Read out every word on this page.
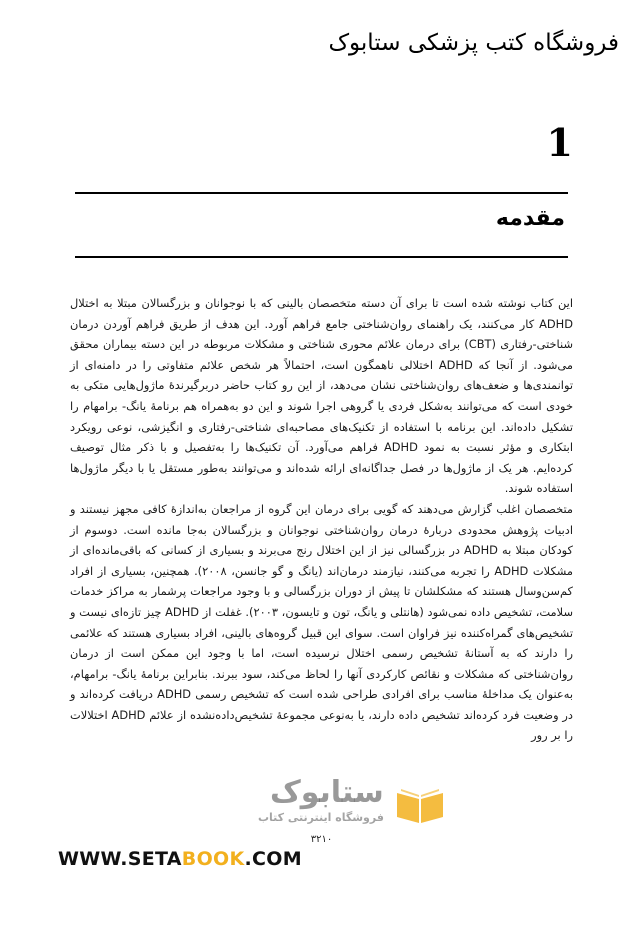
فروشگاه کتب پزشکی ستابوک
1
مقدمه

این کتاب نوشته شده است تا برای آن دسته متخصصان بالینی که با نوجوانان و بزرگسالان مبتلا به اختلال ADHD کار می‌کنند، یک راهنمای روان‌شناختی جامع فراهم آورد. این هدف از طریق فراهم آوردن درمان شناختی-رفتاری (CBT) برای درمان علائم محوری شناختی و مشکلات مربوطه در این دسته بیماران محقق می‌شود. از آنجا که ADHD اختلالی ناهمگون است، احتمالاً هر شخص علائم متفاوتی را در دامنه‌ای از توانمندی‌ها و ضعف‌های روان‌شناختی نشان می‌دهد، از این رو کتاب حاضر دربرگیرندهٔ ماژول‌هایی متکی به خودی است که می‌توانند به‌شکل فردی یا گروهی اجرا شوند و این دو به‌همراه هم برنامهٔ یانگ- برامهام را تشکیل داده‌اند. این برنامه با استفاده از تکنیک‌های مصاحبه‌ای شناختی-رفتاری و انگیزشی، نوعی رویکرد ابتکاری و مؤثر نسبت به نمود ADHD فراهم می‌آورد. آن تکنیک‌ها را به‌تفصیل و با ذکر مثال توصیف کرده‌ایم. هر یک از ماژول‌ها در فصل جداگانه‌ای ارائه شده‌اند و می‌توانند به‌طور مستقل یا با دیگر ماژول‌ها استفاده شوند.

متخصصان اغلب گزارش می‌دهند که گویی برای درمان این گروه از مراجعان به‌اندازهٔ کافی مجهز نیستند و ادبیات پژوهش محدودی دربارهٔ درمان روان‌شناختی نوجوانان و بزرگسالان به‌جا مانده است. دوسوم از کودکان مبتلا به ADHD در بزرگسالی نیز از این اختلال رنج می‌برند و بسیاری از کسانی که باقی‌مانده‌ای از مشکلات ADHD را تجربه می‌کنند، نیازمند درمان‌اند (یانگ و گو جانسن، ۲۰۰۸). همچنین، بسیاری از افراد کم‌سن‌وسال هستند که مشکلشان تا پیش از دوران بزرگسالی و با وجود مراجعات پرشمار به مراکز خدمات سلامت، تشخیص داده نمی‌شود (هانتلی و یانگ، تون و تایسون، ۲۰۰۳). غفلت از ADHD چیز تازه‌ای نیست و تشخیص‌های گمراه‌کننده نیز فراوان است. سوای این قبیل گروه‌های بالینی، افراد بسیاری هستند که علائمی را دارند که به آستانهٔ تشخیص رسمی اختلال نرسیده است، اما با وجود این ممکن است از درمان روان‌شناختی که مشکلات و نقائص کارکردی آنها را لحاظ می‌کند، سود ببرند. بنابراین برنامهٔ یانگ- برامهام، به‌عنوان یک مداخلهٔ مناسب برای افرادی طراحی شده است که تشخیص رسمی ADHD دریافت کرده‌اند و در وضعیت فرد کرده‌اند تشخیص داده دارند، یا به‌نوعی مجموعهٔ تشخیص‌داده‌نشده از علائم ADHD اختلالات را بر رور

ستابوک
فروشگاه اینترنتی کتاب
۳۲۱۰
WWW.SETABOOK.COM
